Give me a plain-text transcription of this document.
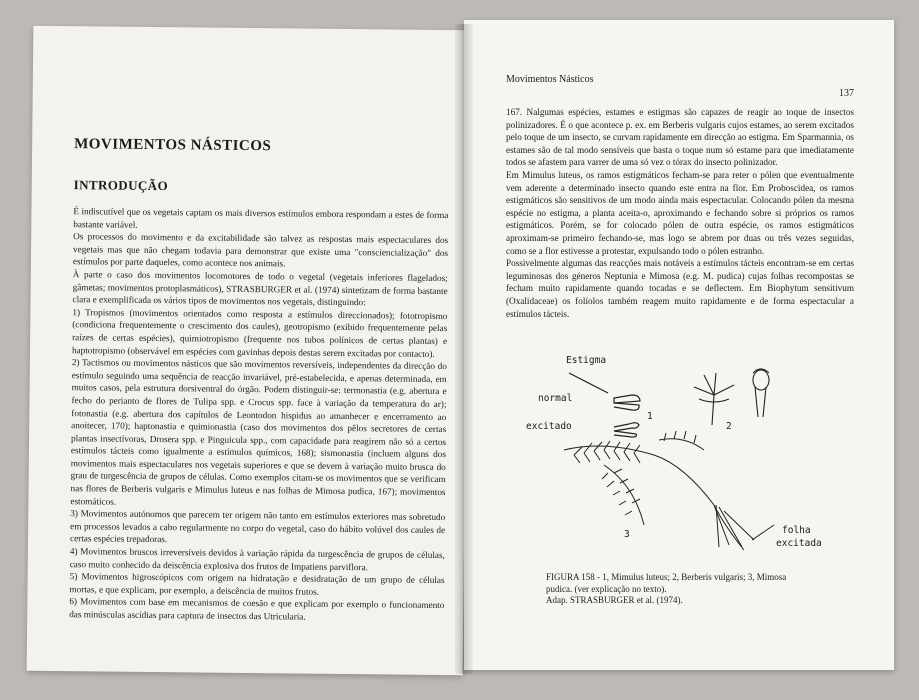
MOVIMENTOS NÁSTICOS
INTRODUÇÃO

É indiscutível que os vegetais captam os mais diversos estímulos embora respondam a estes de forma bastante variável.

Os processos do movimento e da excitabilidade são talvez as respostas mais espectaculares dos vegetais mas que não chegam todavia para demonstrar que existe uma "consciencialização" dos estímulos por parte daqueles, como acontece nos animais.

À parte o caso dos movimentos locomotores de todo o vegetal (vegetais inferiores flagelados; gâmetas; movimentos protoplasmáticos), STRASBURGER et al. (1974) sintetizam de forma bastante clara e exemplificada os vários tipos de movimentos nos vegetais, distinguindo:

1) Tropismos (movimentos orientados como resposta a estímulos direccionados); fototropismo (condiciona frequentemente o crescimento dos caules), geotropismo (exibido frequentemente pelas raízes de certas espécies), quimiotropismo (frequente nos tubos polínicos de certas plantas) e haptotropismo (observável em espécies com gavinhas depois destas serem excitadas por contacto).

2) Tactismos ou movimentos násticos que são movimentos reversíveis, independentes da direcção do estímulo seguindo uma sequência de reacção invariável, pré-estabelecida, e apenas determinada, em muitos casos, pela estrutura dorsiventral do órgão. Podem distinguir-se: termonastia (e.g. abertura e fecho do perianto de flores de Tulipa spp. e Crocus spp. face à variação da temperatura do ar); fotonastia (e.g. abertura dos capítulos de Leontodon hispidus ao amanhecer e encerramento ao anoitecer, 170); haptonastia e quimionastia (caso dos movimentos dos pêlos secretores de certas plantas insectívoras, Drosera spp. e Pinguicula spp., com capacidade para reagirem não só a certos estímulos tácteis como igualmente a estímulos químicos, 168); sismonastia (incluem alguns dos movimentos mais espectaculares nos vegetais superiores e que se devem à variação muito brusca do grau de turgescência de grupos de células. Como exemplos citam-se os movimentos que se verificam nas flores de Berberis vulgaris e Mimulus luteus e nas folhas de Mimosa pudica, 167); movimentos estomáticos.

3) Movimentos autónomos que parecem ter origem não tanto em estímulos exteriores mas sobretudo em processos levados a cabo regularmente no corpo do vegetal, caso do hábito volúvel dos caules de certas espécies trepadoras.

4) Movimentos bruscos irreversíveis devidos à variação rápida da turgescência de grupos de células, caso muito conhecido da deiscência explosiva dos frutos de Impatiens parviflora.

5) Movimentos higroscópicos com origem na hidratação e desidratação de um grupo de células mortas, e que explicam, por exemplo, a deiscência de muitos frutos.

6) Movimentos com base em mecanismos de coesão e que explicam por exemplo o funcionamento das minúsculas ascídias para captura de insectos das Utricularia.

Movimentos Násticos
137

167. Nalgumas espécies, estames e estigmas são capazes de reagir ao toque de insectos polinizadores. É o que acontece p. ex. em Berberis vulgaris cujos estames, ao serem excitados pelo toque de um insecto, se curvam rapidamente em direcção ao estigma. Em Sparmannia, os estames são de tal modo sensíveis que basta o toque num só estame para que imediatamente todos se afastem para varrer de uma só vez o tórax do insecto polinizador.

Em Mimulus luteus, os ramos estigmáticos fecham-se para reter o pólen que eventualmente vem aderente a determinado insecto quando este entra na flor. Em Proboscidea, os ramos estigmáticos são sensitivos de um modo ainda mais espectacular. Colocando pólen da mesma espécie no estigma, a planta aceita-o, aproximando e fechando sobre si próprios os ramos estigmáticos. Porém, se for colocado pólen de outra espécie, os ramos estigmáticos aproximam-se primeiro fechando-se, mas logo se abrem por duas ou três vezes seguidas, como se a flor estivesse a protestar, expulsando todo o pólen estranho.

Possivelmente algumas das reacções mais notáveis a estímulos tácteis encontram-se em certas leguminosas dos géneros Neptunia e Mimosa (e.g. M. pudica) cujas folhas recompostas se fecham muito rapidamente quando tocadas e se deflectem. Em Biophytum sensitivum (Oxalidaceae) os folíolos também reagem muito rapidamente e de forma espectacular a estímulos tácteis.

Estigma
normal
excitado
1
2
3	folha
excitada
FIGURA 158 - 1, Mimulus luteus; 2, Berberis vulgaris; 3, Mimosa
pudica. (ver explicação no texto).
Adap. STRASBURGER et al. (1974).
